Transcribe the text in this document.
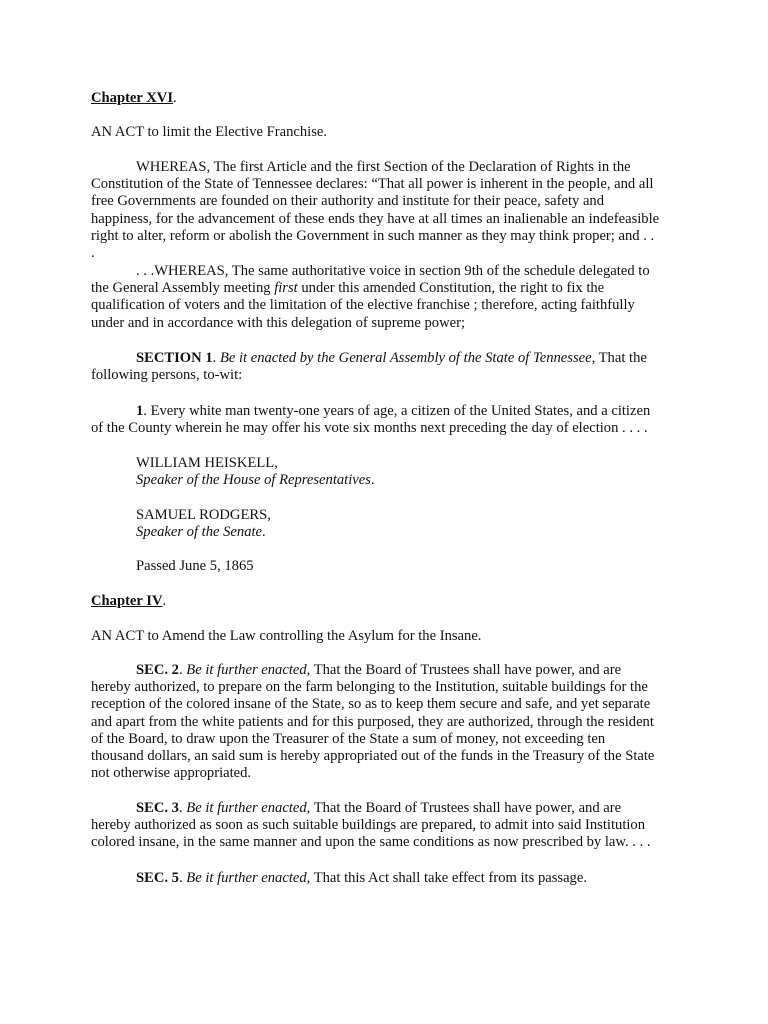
Chapter XVI.
AN ACT to limit the Elective Franchise.
WHEREAS, The first Article and the first Section of the Declaration of Rights in the
Constitution of the State of Tennessee declares: “That all power is inherent in the people, and all
free Governments are founded on their authority and institute for their peace, safety and
happiness, for the advancement of these ends they have at all times an inalienable an indefeasible
right to alter, reform or abolish the Government in such manner as they may think proper; and . .
.
. . .WHEREAS, The same authoritative voice in section 9th of the schedule delegated to
the General Assembly meeting first under this amended Constitution, the right to fix the
qualification of voters and the limitation of the elective franchise ; therefore, acting faithfully
under and in accordance with this delegation of supreme power;
SECTION 1. Be it enacted by the General Assembly of the State of Tennessee, That the
following persons, to-wit:
1. Every white man twenty-one years of age, a citizen of the United States, and a citizen
of the County wherein he may offer his vote six months next preceding the day of election . . . .
WILLIAM HEISKELL,
Speaker of the House of Representatives.
SAMUEL RODGERS,
Speaker of the Senate.
Passed June 5, 1865
Chapter IV.
AN ACT to Amend the Law controlling the Asylum for the Insane.
SEC. 2. Be it further enacted, That the Board of Trustees shall have power, and are
hereby authorized, to prepare on the farm belonging to the Institution, suitable buildings for the
reception of the colored insane of the State, so as to keep them secure and safe, and yet separate
and apart from the white patients and for this purposed, they are authorized, through the resident
of the Board, to draw upon the Treasurer of the State a sum of money, not exceeding ten
thousand dollars, an said sum is hereby appropriated out of the funds in the Treasury of the State
not otherwise appropriated.
SEC. 3. Be it further enacted, That the Board of Trustees shall have power, and are
hereby authorized as soon as such suitable buildings are prepared, to admit into said Institution
colored insane, in the same manner and upon the same conditions as now prescribed by law. . . .
SEC. 5. Be it further enacted, That this Act shall take effect from its passage.
